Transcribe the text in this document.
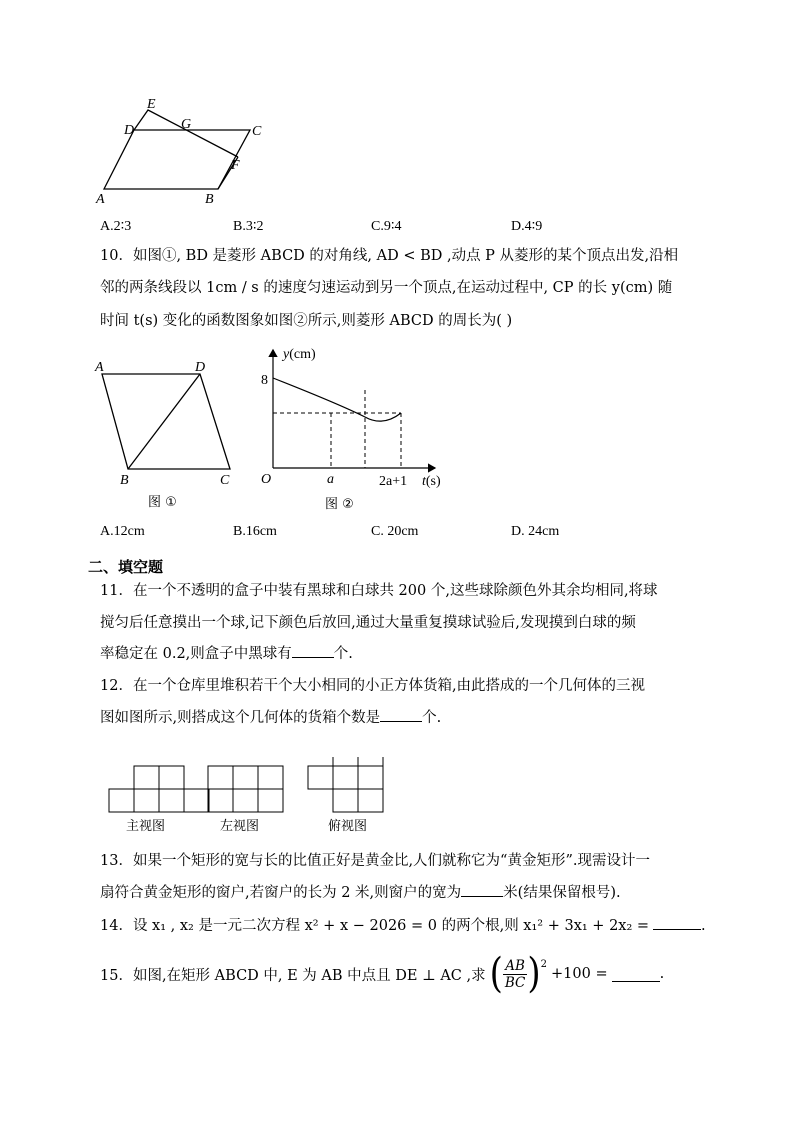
E
D	G	C
F
A	B
A.2∶3	B.3∶2	C.9∶4	D.4∶9
10．如图①, BD 是菱形 ABCD 的对角线, AD < BD ,动点 P 从菱形的某个顶点出发,沿相
邻的两条线段以 1cm / s 的速度匀速运动到另一个顶点,在运动过程中, CP 的长 y(cm) 随
时间 t(s) 变化的函数图象如图②所示,则菱形 ABCD 的周长为( )
A	D
B	C
图 ①
y(cm)
8
O	a	2a+1 t(s)
图 ②
A.12cm	B.16cm	C. 20cm	D. 24cm
二、填空题
11．在一个不透明的盒子中装有黑球和白球共 200 个,这些球除颜色外其余均相同,将球
搅匀后任意摸出一个球,记下颜色后放回,通过大量重复摸球试验后,发现摸到白球的频
率稳定在 0.2,则盒子中黑球有	个.
12．在一个仓库里堆积若干个大小相同的小正方体货箱,由此搭成的一个几何体的三视
图如图所示,则搭成这个几何体的货箱个数是	个.
主视图	左视图	俯视图
13．如果一个矩形的宽与长的比值正好是黄金比,人们就称它为“黄金矩形”.现需设计一
扇符合黄金矩形的窗户,若窗户的长为 2 米,则窗户的宽为	米(结果保留根号).
14．设 x₁ , x₂ 是一元二次方程 x² + x − 2026 = 0 的两个根,则 x₁² + 3x₁ + 2x₂ =	.
15．如图,在矩形 ABCD 中, E 为 AB 中点且 DE ⊥ AC ,求 ( AB
BC )$^2$
+100 =	.
